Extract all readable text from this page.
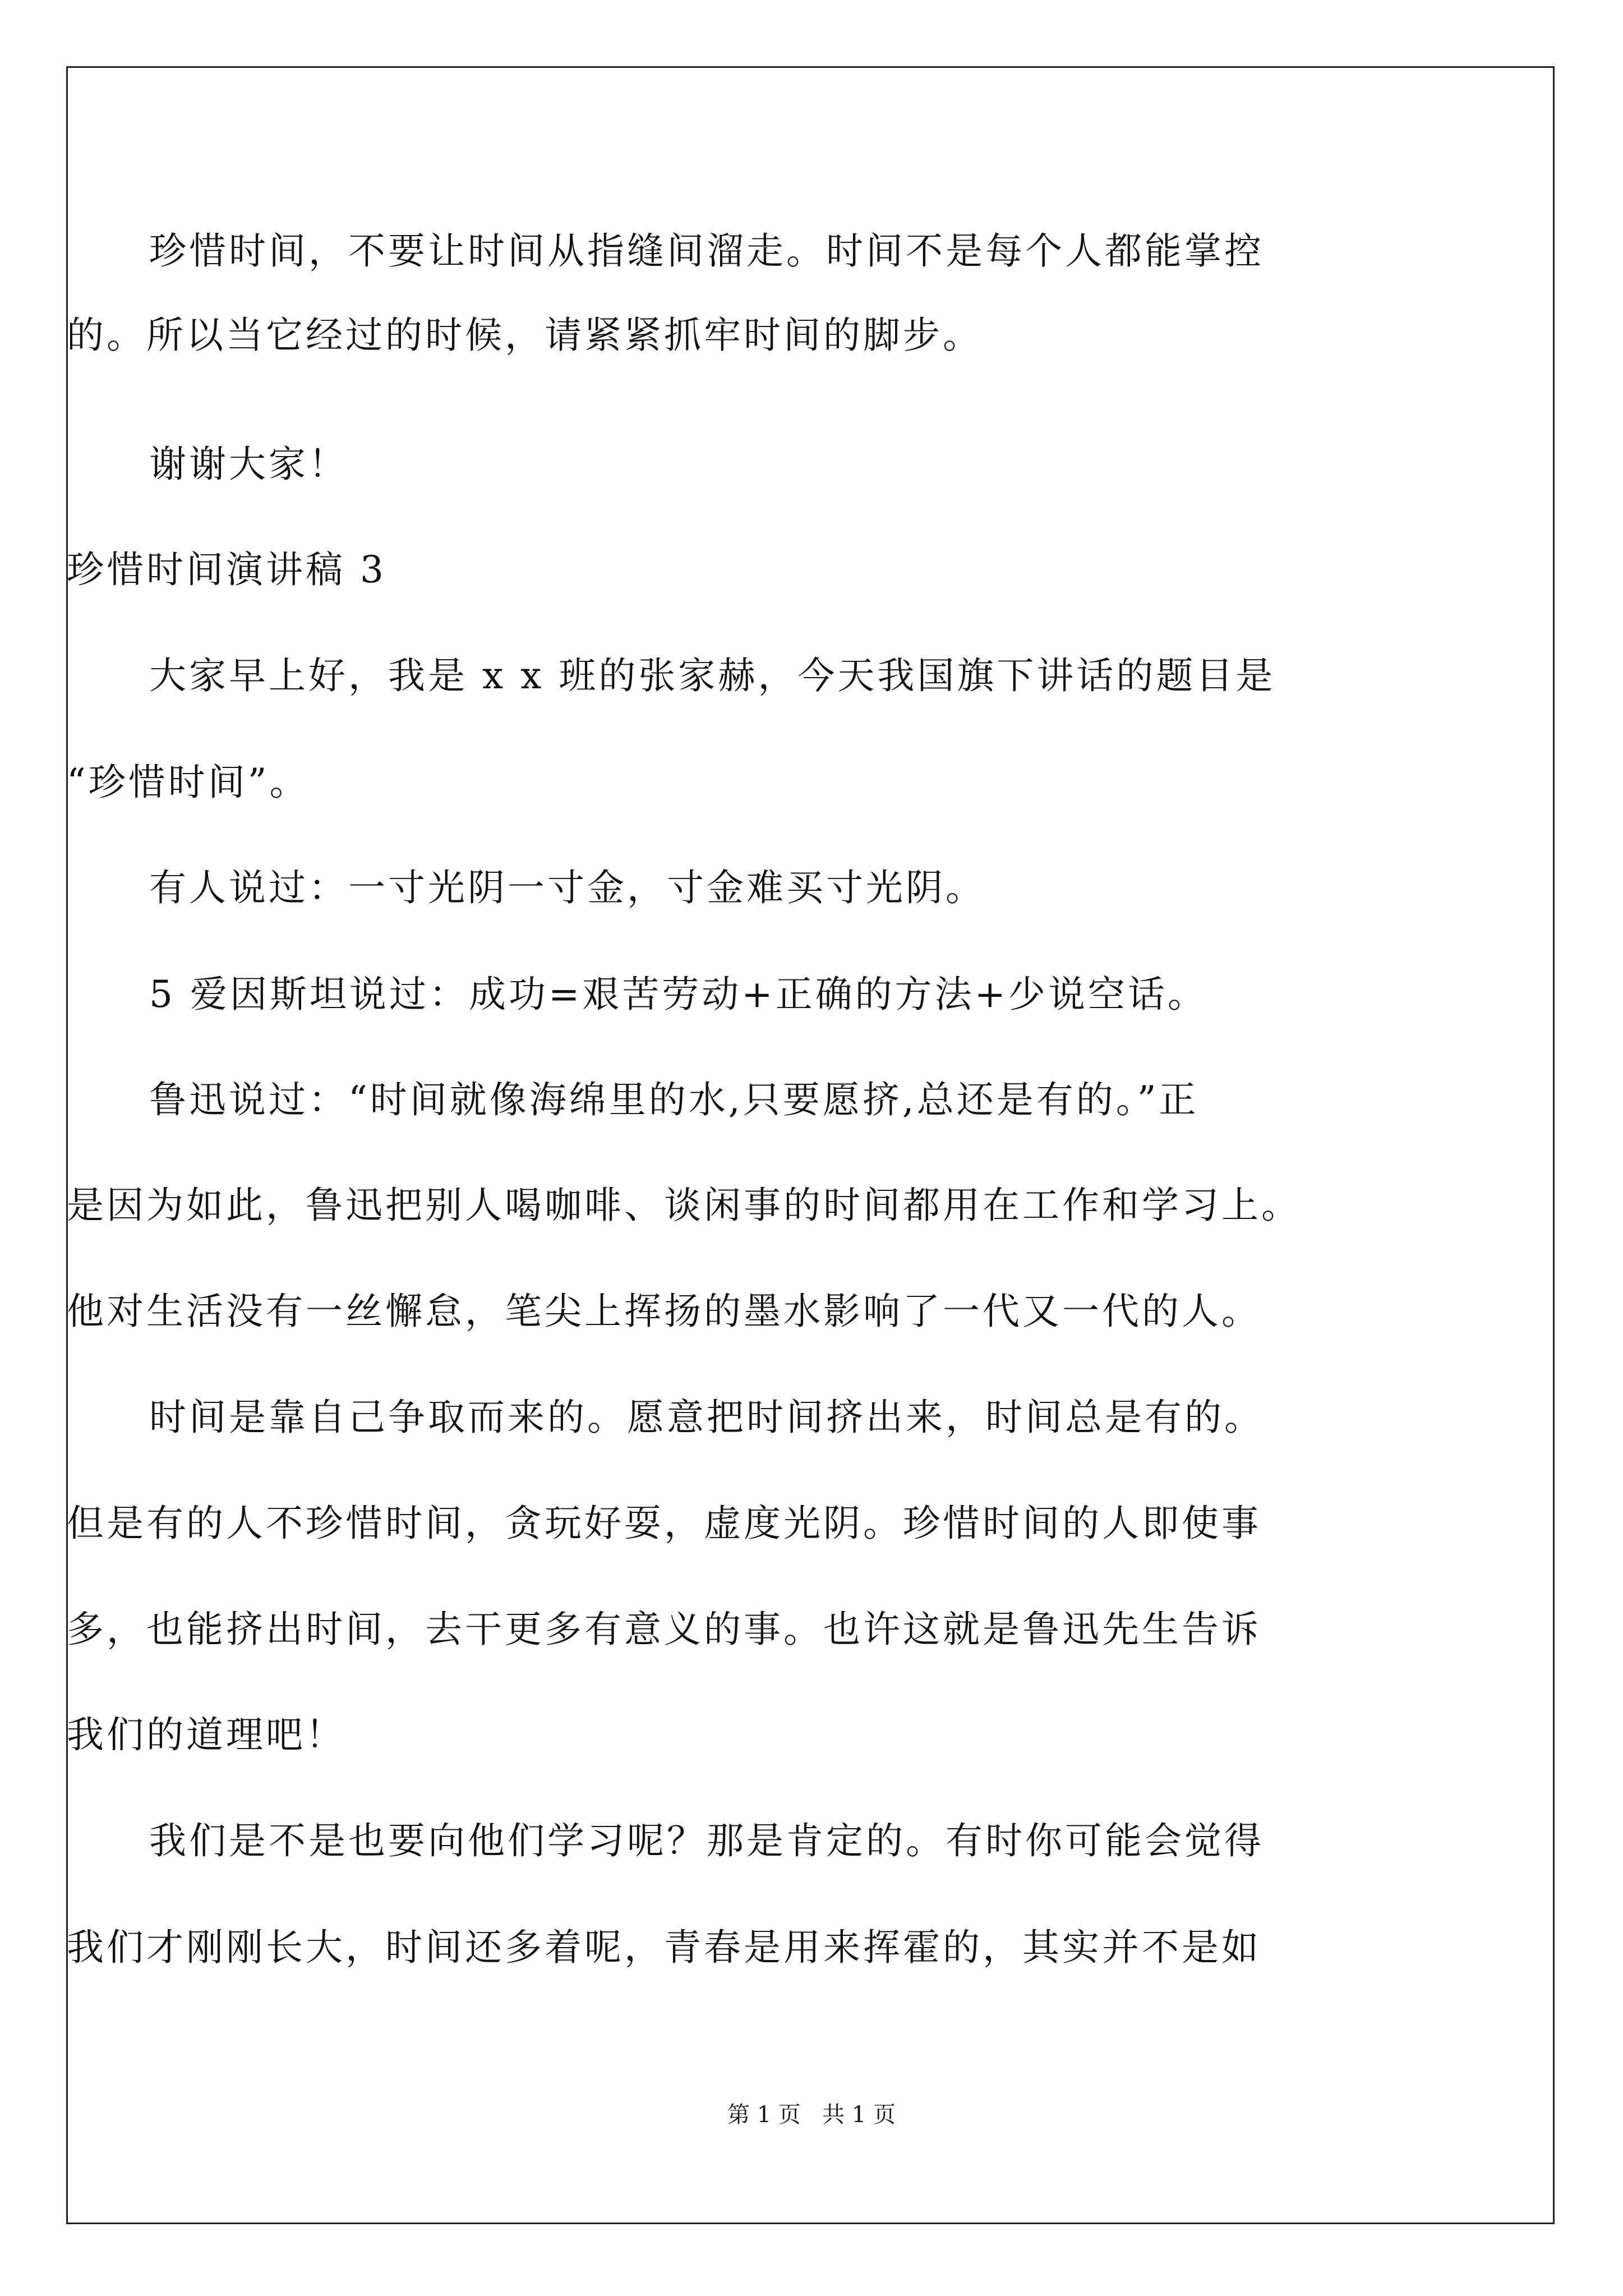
珍惜时间，不要让时间从指缝间溜走。时间不是每个人都能掌控
的。所以当它经过的时候，请紧紧抓牢时间的脚步。
谢谢大家！
珍惜时间演讲稿 3
大家早上好，我是 x x 班的张家赫，今天我国旗下讲话的题目是
“珍惜时间”。
有人说过：一寸光阴一寸金，寸金难买寸光阴。
5 爱因斯坦说过：成功=艰苦劳动+正确的方法+少说空话。
鲁迅说过：“时间就像海绵里的水,只要愿挤,总还是有的。”正
是因为如此，鲁迅把别人喝咖啡、谈闲事的时间都用在工作和学习上。
他对生活没有一丝懈怠，笔尖上挥扬的墨水影响了一代又一代的人。
时间是靠自己争取而来的。愿意把时间挤出来，时间总是有的。
但是有的人不珍惜时间，贪玩好耍，虚度光阴。珍惜时间的人即使事
多，也能挤出时间，去干更多有意义的事。也许这就是鲁迅先生告诉
我们的道理吧！
我们是不是也要向他们学习呢？那是肯定的。有时你可能会觉得
我们才刚刚长大，时间还多着呢，青春是用来挥霍的，其实并不是如
第 1 页   共 1 页
